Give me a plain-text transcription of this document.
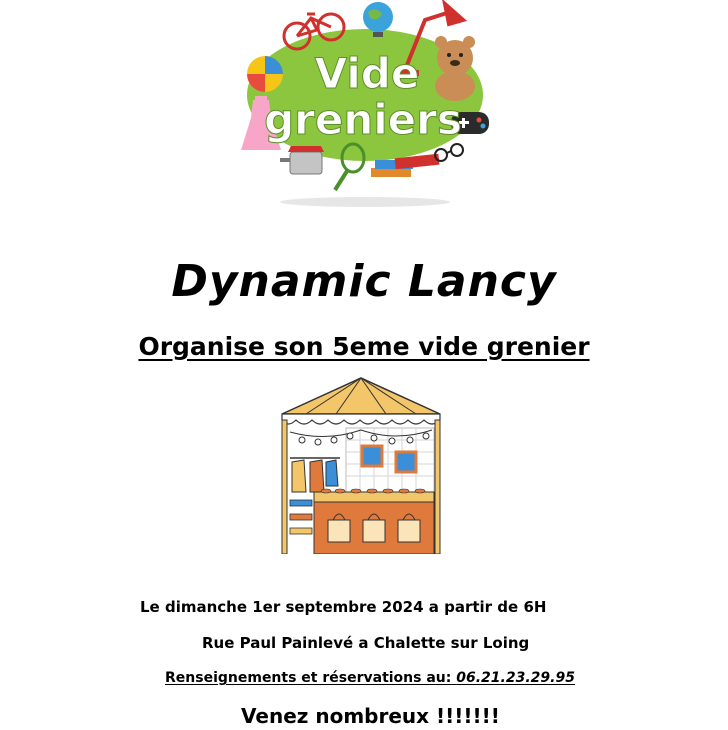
Vide
greniers
Dynamic Lancy
Organise son 5eme vide grenier
Le dimanche 1er septembre 2024 a partir de 6H
Rue Paul Painlevé a Chalette sur Loing
Renseignements et réservations au: 06.21.23.29.95
Venez nombreux !!!!!!!
